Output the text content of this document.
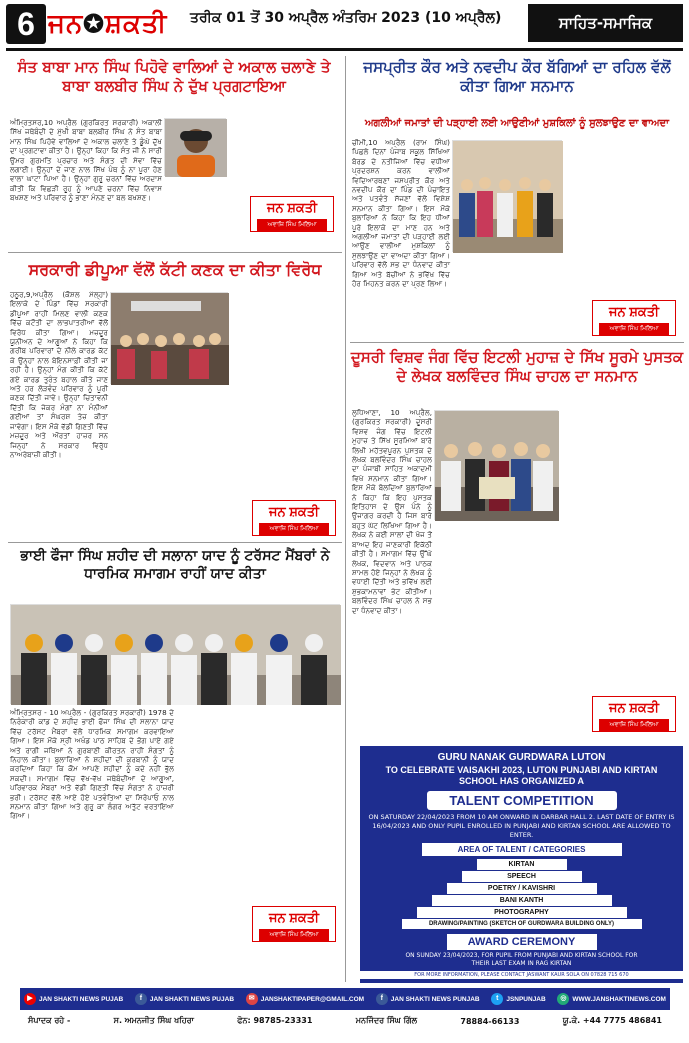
6 ਜਨ✪ਸ਼ਕਤੀ ਤਰੀਕ 01 ਤੋਂ 30 ਅਪ੍ਰੈਲ ਅੰਤਰਿਮ 2023 (10 ਅਪ੍ਰੈਲ)	ਸਾਹਿਤ-ਸਮਾਜਿਕ
ਸੰਤ ਬਾਬਾ ਮਾਨ ਸਿੰਘ ਪਿਹੋਵੇ ਵਾਲਿਆਂ ਦੇ ਅਕਾਲ ਚਲਾਣੇ ਤੇ ਬਾਬਾ ਬਲਬੀਰ ਸਿੰਘ ਨੇ ਦੁੱਖ ਪ੍ਰਗਟਾਇਆ
ਅੰਮ੍ਰਿਤਸਰ,10 ਅਪ੍ਰੈਲ (ਗੁਰਕਿਰਤ ਸਰਕਾਰੀ) ਅਕਾਲੀ ਸਿੱਖ ਜਥੇਬੰਦੀ ਦੇ ਮੁੱਖੀ ਬਾਬਾ ਬਲਬੀਰ ਸਿੰਘ ਨੇ ਸੰਤ ਬਾਬਾ ਮਾਨ ਸਿੰਘ ਪਿਹੋਵੇ ਵਾਲਿਆਂ ਦੇ ਅਕਾਲ ਚਲਾਣੇ ਤੇ ਡੂੰਘੇ ਦੁੱਖ ਦਾ ਪ੍ਰਗਟਾਵਾ ਕੀਤਾ ਹੈ। ਉਨ੍ਹਾਂ ਕਿਹਾ ਕਿ ਸੰਤ ਜੀ ਨੇ ਸਾਰੀ ਉਮਰ ਗੁਰਮਤਿ ਪ੍ਰਚਾਰ ਅਤੇ ਸੰਗਤ ਦੀ ਸੇਵਾ ਵਿੱਚ ਲਗਾਈ। ਉਨ੍ਹਾਂ ਦੇ ਜਾਣ ਨਾਲ ਸਿੱਖ ਪੰਥ ਨੂੰ ਨਾ ਪੂਰਾ ਹੋਣ ਵਾਲਾ ਘਾਟਾ ਪਿਆ ਹੈ। ਉਨ੍ਹਾਂ ਗੁਰੂ ਚਰਨਾਂ ਵਿੱਚ ਅਰਦਾਸ ਕੀਤੀ ਕਿ ਵਿਛੜੀ ਰੂਹ ਨੂੰ ਆਪਣੇ ਚਰਨਾਂ ਵਿੱਚ ਨਿਵਾਸ ਬਖਸ਼ਣ ਅਤੇ ਪਰਿਵਾਰ ਨੂੰ ਭਾਣਾ ਮੰਨਣ ਦਾ ਬਲ ਬਖਸ਼ਣ।
ਜਨ ਸ਼ਕਤੀ
ਅਵਾਜ਼ਿ ਸਿੰਘ ਮਿਲਿਆ
ਸਰਕਾਰੀ ਡੀਪੂਆ ਵੱਲੋਂ ਕੱਟੀ ਕਣਕ ਦਾ ਕੀਤਾ ਵਿਰੋਧ
ਹਠੂਰ,9,ਅਪ੍ਰੈਲ (ਕੌਸ਼ਲ ਮੱਲ੍ਹਾ) ਇਲਾਕੇ ਦੇ ਪਿੰਡਾਂ ਵਿੱਚ ਸਰਕਾਰੀ ਡੀਪੂਆਂ ਰਾਹੀਂ ਮਿਲਣ ਵਾਲੀ ਕਣਕ ਵਿੱਚ ਕਟੌਤੀ ਦਾ ਲਾਭਪਾਤਰੀਆਂ ਵੱਲੋਂ ਵਿਰੋਧ ਕੀਤਾ ਗਿਆ। ਮਜ਼ਦੂਰ ਯੂਨੀਅਨ ਦੇ ਆਗੂਆਂ ਨੇ ਕਿਹਾ ਕਿ ਗਰੀਬ ਪਰਿਵਾਰਾਂ ਦੇ ਨੀਲੇ ਕਾਰਡ ਕੱਟ ਕੇ ਉਨ੍ਹਾਂ ਨਾਲ ਬੇਇਨਸਾਫ਼ੀ ਕੀਤੀ ਜਾ ਰਹੀ ਹੈ। ਉਨ੍ਹਾਂ ਮੰਗ ਕੀਤੀ ਕਿ ਕੱਟੇ ਗਏ ਕਾਰਡ ਤੁਰੰਤ ਬਹਾਲ ਕੀਤੇ ਜਾਣ ਅਤੇ ਹਰ ਲੋੜਵੰਦ ਪਰਿਵਾਰ ਨੂੰ ਪੂਰੀ ਕਣਕ ਦਿੱਤੀ ਜਾਵੇ। ਉਨ੍ਹਾਂ ਚਿਤਾਵਨੀ ਦਿੱਤੀ ਕਿ ਜੇਕਰ ਮੰਗਾਂ ਨਾ ਮੰਨੀਆਂ ਗਈਆਂ ਤਾਂ ਸੰਘਰਸ਼ ਤੇਜ਼ ਕੀਤਾ ਜਾਵੇਗਾ। ਇਸ ਮੌਕੇ ਵੱਡੀ ਗਿਣਤੀ ਵਿੱਚ ਮਜ਼ਦੂਰ ਅਤੇ ਔਰਤਾਂ ਹਾਜ਼ਰ ਸਨ ਜਿਨ੍ਹਾਂ ਨੇ ਸਰਕਾਰ ਵਿਰੁੱਧ ਨਾਅਰੇਬਾਜ਼ੀ ਕੀਤੀ।
ਜਨ ਸ਼ਕਤੀ
ਅਵਾਜ਼ਿ ਸਿੰਘ ਮਿਲਿਆ
ਭਾਈ ਫੌਜਾ ਸਿੰਘ ਸ਼ਹੀਦ ਦੀ ਸਲਾਨਾ ਯਾਦ ਨੂੰ ਟਰੱਸਟ ਮੈਂਬਰਾਂ ਨੇ ਧਾਰਮਿਕ ਸਮਾਗਮ ਰਾਹੀਂ ਯਾਦ ਕੀਤਾ
ਅੰਮ੍ਰਿਤਸਰ - 10 ਅਪ੍ਰੈਲ - (ਗੁਰਕਿਰਤ ਸਰਕਾਰੀ) 1978 ਦੇ ਨਿਰੰਕਾਰੀ ਕਾਂਡ ਦੇ ਸ਼ਹੀਦ ਭਾਈ ਫੌਜਾ ਸਿੰਘ ਦੀ ਸਲਾਨਾ ਯਾਦ ਵਿੱਚ ਟਰੱਸਟ ਮੈਂਬਰਾਂ ਵੱਲੋਂ ਧਾਰਮਿਕ ਸਮਾਗਮ ਕਰਵਾਇਆ ਗਿਆ। ਇਸ ਮੌਕੇ ਸ੍ਰੀ ਅਖੰਡ ਪਾਠ ਸਾਹਿਬ ਦੇ ਭੋਗ ਪਾਏ ਗਏ ਅਤੇ ਰਾਗੀ ਜਥਿਆਂ ਨੇ ਗੁਰਬਾਣੀ ਕੀਰਤਨ ਰਾਹੀਂ ਸੰਗਤਾਂ ਨੂੰ ਨਿਹਾਲ ਕੀਤਾ। ਬੁਲਾਰਿਆਂ ਨੇ ਸ਼ਹੀਦਾਂ ਦੀ ਕੁਰਬਾਨੀ ਨੂੰ ਯਾਦ ਕਰਦਿਆਂ ਕਿਹਾ ਕਿ ਕੌਮ ਆਪਣੇ ਸ਼ਹੀਦਾਂ ਨੂੰ ਕਦੇ ਨਹੀਂ ਭੁੱਲ ਸਕਦੀ। ਸਮਾਗਮ ਵਿੱਚ ਵੱਖ-ਵੱਖ ਜਥੇਬੰਦੀਆਂ ਦੇ ਆਗੂਆਂ, ਪਰਿਵਾਰਕ ਮੈਂਬਰਾਂ ਅਤੇ ਵੱਡੀ ਗਿਣਤੀ ਵਿੱਚ ਸੰਗਤਾਂ ਨੇ ਹਾਜ਼ਰੀ ਭਰੀ। ਟਰੱਸਟ ਵੱਲੋਂ ਆਏ ਹੋਏ ਪਤਵੰਤਿਆਂ ਦਾ ਸਿਰੋਪਾਓ ਨਾਲ ਸਨਮਾਨ ਕੀਤਾ ਗਿਆ ਅਤੇ ਗੁਰੂ ਕਾ ਲੰਗਰ ਅਤੁੱਟ ਵਰਤਾਇਆ ਗਿਆ।
ਜਨ ਸ਼ਕਤੀ
ਅਵਾਜ਼ਿ ਸਿੰਘ ਮਿਲਿਆ
ਜਸਪ੍ਰੀਤ ਕੌਰ ਅਤੇ ਨਵਦੀਪ ਕੌਰ ਬੱਗਿਆਂ ਦਾ ਰਹਿਲ ਵੱਲੋਂ ਕੀਤਾ ਗਿਆ ਸਨਮਾਨ
ਅਗਲੀਆਂ ਜਮਾਤਾਂ ਦੀ ਪੜ੍ਹਾਈ ਲਈ ਆਉਣੀਆਂ ਮੁਸ਼ਕਿਲਾਂ ਨੂੰ ਸੁਲਝਾਉਣ ਦਾ ਵਾਅਦਾ
ਚੀਮੀ,10 ਅਪ੍ਰੈਲ (ਰਾਮ ਸਿੰਘ) ਪਿਛਲੇ ਦਿਨਾਂ ਪੰਜਾਬ ਸਕੂਲ ਸਿੱਖਿਆ ਬੋਰਡ ਦੇ ਨਤੀਜਿਆਂ ਵਿੱਚ ਵਧੀਆ ਪ੍ਰਦਰਸ਼ਨ ਕਰਨ ਵਾਲੀਆਂ ਵਿਦਿਆਰਥਣਾਂ ਜਸਪ੍ਰੀਤ ਕੌਰ ਅਤੇ ਨਵਦੀਪ ਕੌਰ ਦਾ ਪਿੰਡ ਦੀ ਪੰਚਾਇਤ ਅਤੇ ਪਤਵੰਤੇ ਸੱਜਣਾਂ ਵੱਲੋਂ ਵਿਸ਼ੇਸ਼ ਸਨਮਾਨ ਕੀਤਾ ਗਿਆ। ਇਸ ਮੌਕੇ ਬੁਲਾਰਿਆਂ ਨੇ ਕਿਹਾ ਕਿ ਇਹ ਧੀਆਂ ਪੂਰੇ ਇਲਾਕੇ ਦਾ ਮਾਣ ਹਨ ਅਤੇ ਅਗਲੀਆਂ ਜਮਾਤਾਂ ਦੀ ਪੜ੍ਹਾਈ ਲਈ ਆਉਣ ਵਾਲੀਆਂ ਮੁਸ਼ਕਿਲਾਂ ਨੂੰ ਸੁਲਝਾਉਣ ਦਾ ਵਾਅਦਾ ਕੀਤਾ ਗਿਆ। ਪਰਿਵਾਰ ਵੱਲੋਂ ਸਭ ਦਾ ਧੰਨਵਾਦ ਕੀਤਾ ਗਿਆ ਅਤੇ ਬੱਚੀਆਂ ਨੇ ਭਵਿੱਖ ਵਿੱਚ ਹੋਰ ਮਿਹਨਤ ਕਰਨ ਦਾ ਪ੍ਰਣ ਲਿਆ।
ਜਨ ਸ਼ਕਤੀ
ਅਵਾਜ਼ਿ ਸਿੰਘ ਮਿਲਿਆ
ਦੂਸਰੀ ਵਿਸ਼ਵ ਜੰਗ ਵਿੱਚ ਇਟਲੀ ਮੁਹਾਜ਼ ਦੇ ਸਿੱਖ ਸੂਰਮੇ ਪੁਸਤਕ ਦੇ ਲੇਖਕ ਬਲਵਿੰਦਰ ਸਿੰਘ ਚਾਹਲ ਦਾ ਸਨਮਾਨ
ਲੁਧਿਆਣਾ, 10 ਅਪ੍ਰੈਲ, (ਗੁਰਕਿਰਤ ਸਰਕਾਰੀ) ਦੂਸਰੀ ਵਿਸ਼ਵ ਜੰਗ ਵਿੱਚ ਇਟਲੀ ਮੁਹਾਜ਼ ਤੇ ਸਿੱਖ ਸੂਰਮਿਆਂ ਬਾਰੇ ਲਿਖੀ ਮਹੱਤਵਪੂਰਨ ਪੁਸਤਕ ਦੇ ਲੇਖਕ ਬਲਵਿੰਦਰ ਸਿੰਘ ਚਾਹਲ ਦਾ ਪੰਜਾਬੀ ਸਾਹਿਤ ਅਕਾਦਮੀ ਵਿਖੇ ਸਨਮਾਨ ਕੀਤਾ ਗਿਆ। ਇਸ ਮੌਕੇ ਬੋਲਦਿਆਂ ਬੁਲਾਰਿਆਂ ਨੇ ਕਿਹਾ ਕਿ ਇਹ ਪੁਸਤਕ ਇਤਿਹਾਸ ਦੇ ਉਸ ਪੰਨੇ ਨੂੰ ਉਜਾਗਰ ਕਰਦੀ ਹੈ ਜਿਸ ਬਾਰੇ ਬਹੁਤ ਘੱਟ ਲਿਖਿਆ ਗਿਆ ਹੈ। ਲੇਖਕ ਨੇ ਕਈ ਸਾਲਾਂ ਦੀ ਖੋਜ ਤੋਂ ਬਾਅਦ ਇਹ ਜਾਣਕਾਰੀ ਇਕੱਠੀ ਕੀਤੀ ਹੈ। ਸਮਾਗਮ ਵਿੱਚ ਉੱਘੇ ਲੇਖਕ, ਵਿਦਵਾਨ ਅਤੇ ਪਾਠਕ ਸ਼ਾਮਲ ਹੋਏ ਜਿਨ੍ਹਾਂ ਨੇ ਲੇਖਕ ਨੂੰ ਵਧਾਈ ਦਿੱਤੀ ਅਤੇ ਭਵਿੱਖ ਲਈ ਸ਼ੁਭਕਾਮਨਾਵਾਂ ਭੇਟ ਕੀਤੀਆਂ। ਬਲਵਿੰਦਰ ਸਿੰਘ ਚਾਹਲ ਨੇ ਸਭ ਦਾ ਧੰਨਵਾਦ ਕੀਤਾ।
ਜਨ ਸ਼ਕਤੀ
ਅਵਾਜ਼ਿ ਸਿੰਘ ਮਿਲਿਆ
GURU NANAK GURDWARA LUTON
TO CELEBRATE VAISAKHI 2023, LUTON PUNJABI AND KIRTAN SCHOOL HAS ORGANIZED A
TALENT COMPETITION
ON SATURDAY 22/04/2023 FROM 10 AM ONWARD IN DARBAR HALL 2. LAST DATE OF ENTRY IS 16/04/2023 AND ONLY PUPIL ENROLLED IN PUNJABI AND KIRTAN SCHOOL ARE ALLOWED TO ENTER.
AREA OF TALENT / CATEGORIES
KIRTAN
SPEECH
POETRY / KAVISHRI
BANI KANTH
PHOTOGRAPHY
DRAWING/PAINTING (SKETCH OF GURDWARA BUILDING ONLY)
AWARD CEREMONY
ON SUNDAY 23/04/2023, FOR PUPIL FROM PUNJABI AND KIRTAN SCHOOL FOR THEIR LAST EXAM IN RAG KIRTAN
FOR MORE INFORMATION, PLEASE CONTACT JASWANT KAUR SOLA ON 07828 715 670
▶ JAN SHAKTI NEWS PUJAB	f	JAN SHAKTI NEWS PUJAB	✉ JANSHAKTIPAPER@GMAIL.COM	f	JAN SHAKTI NEWS PUNJAB	t	JSNPUNJAB	◎ WWW.JANSHAKTINEWS.COM
ਸੰਪਾਦਕ ਰਹੇ -	ਸ. ਅਮਨਜੀਤ ਸਿੰਘ ਖਹਿਰਾ	ਫੋਨ: 98785-23331	ਮਨਜਿੰਦਰ ਸਿੰਘ ਗਿੱਲ	78884-66133	ਯੂ.ਕੇ. +44 7775 486841
